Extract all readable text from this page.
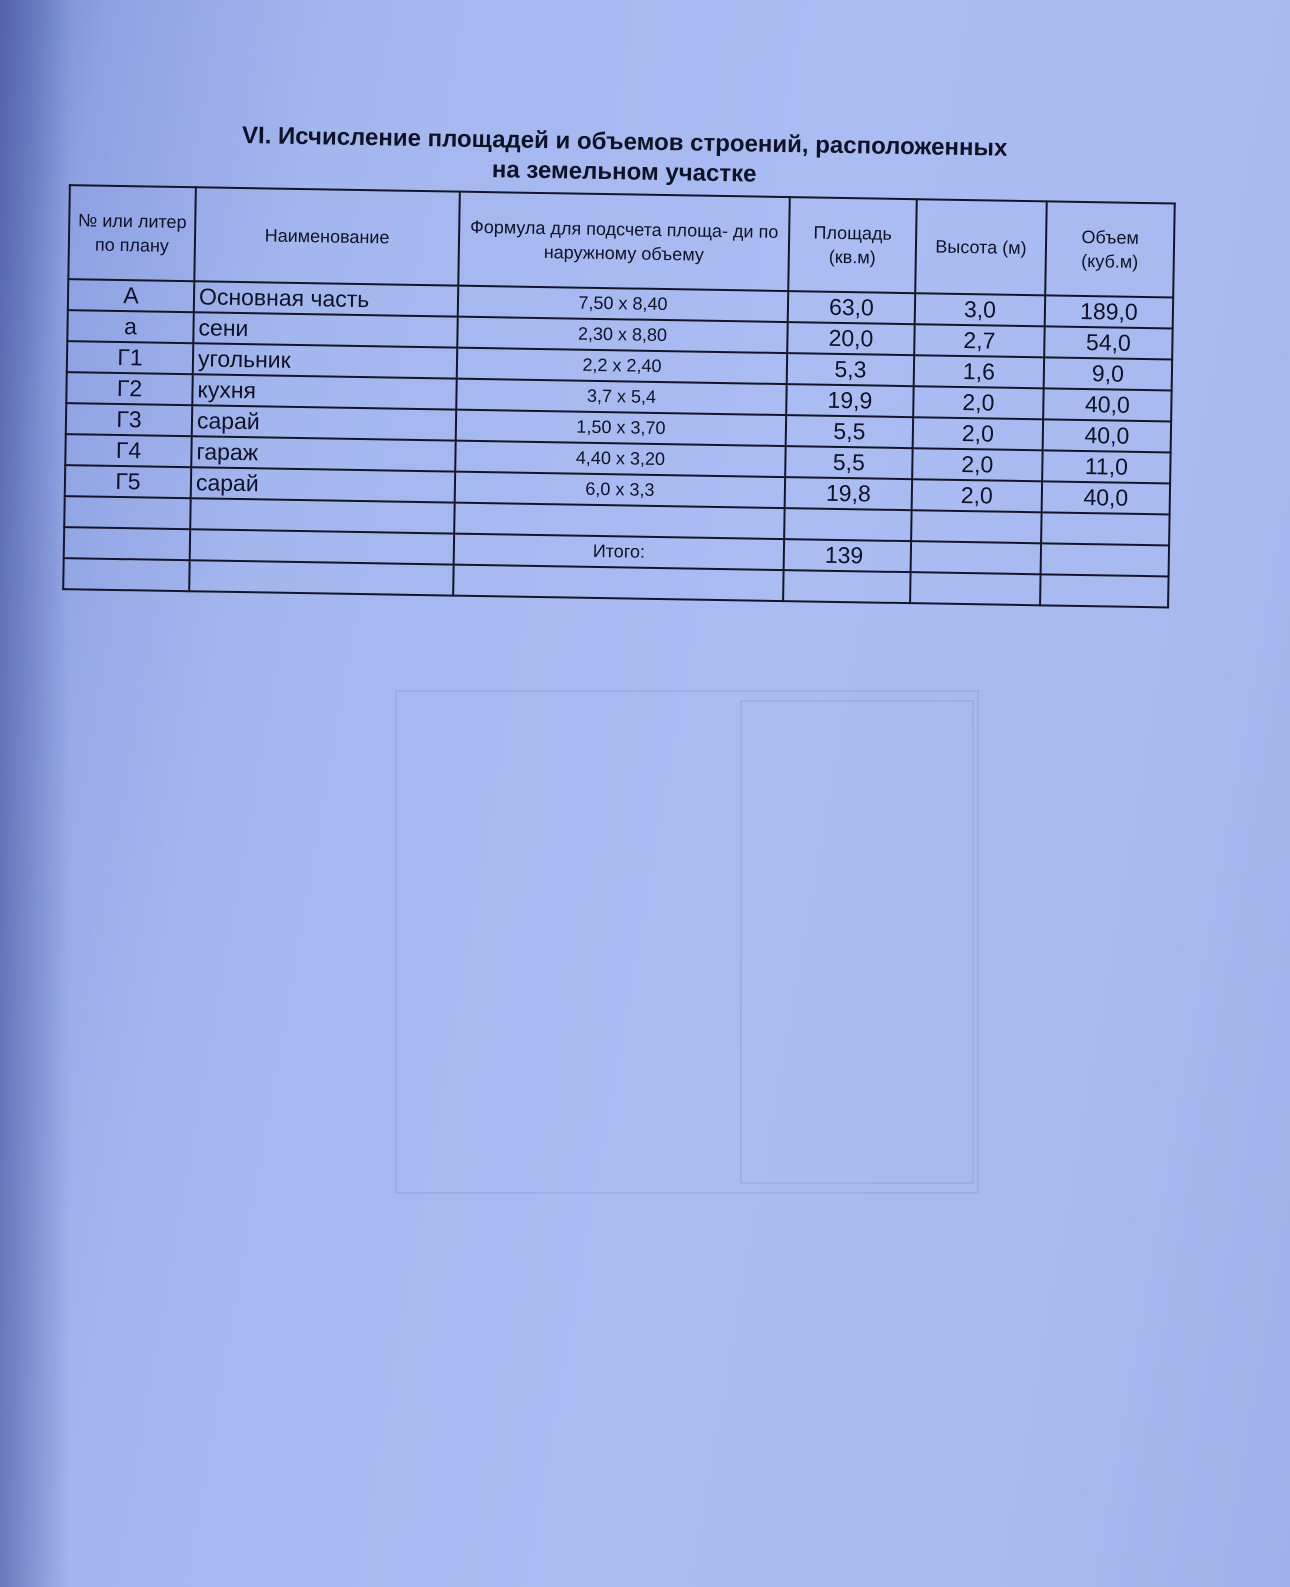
VI. Исчисление площадей и объемов строений, расположенных
на земельном участке
№ или литер по плану	Наименование	Формула для подсчета площа- ди по наружному объему	Площадь (кв.м)	Высота (м)	Объем (куб.м)
А	Основная часть	7,50 x 8,40	63,0	3,0	189,0
а	сени	2,30 x 8,80	20,0	2,7	54,0
Г1	угольник	2,2 x 2,40	5,3	1,6	9,0
Г2	кухня	3,7 x 5,4	19,9	2,0	40,0
Г3	сарай	1,50 x 3,70	5,5	2,0	40,0
Г4	гараж	4,40 x 3,20	5,5	2,0	11,0
Г5	сарай	6,0 x 3,3	19,8	2,0	40,0

		Итого:	139		
